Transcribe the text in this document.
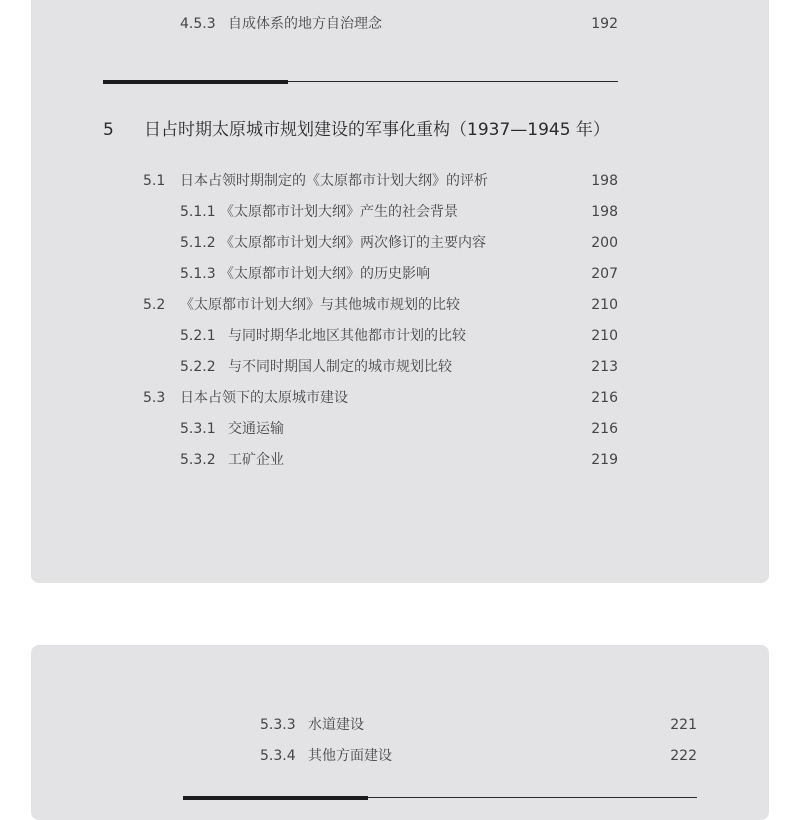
4.5.3 自成体系的地方自治理念	192
5 日占时期太原城市规划建设的军事化重构（1937—1945 年）
5.1 日本占领时期制定的《太原都市计划大纲》的评析	198
5.1.1 《太原都市计划大纲》产生的社会背景	198
5.1.2 《太原都市计划大纲》两次修订的主要内容	200
5.1.3 《太原都市计划大纲》的历史影响	207
5.2 《太原都市计划大纲》与其他城市规划的比较	210
5.2.1 与同时期华北地区其他都市计划的比较	210
5.2.2 与不同时期国人制定的城市规划比较	213
5.3 日本占领下的太原城市建设	216
5.3.1 交通运输	216
5.3.2 工矿企业	219
5.3.3 水道建设	221
5.3.4 其他方面建设	222
